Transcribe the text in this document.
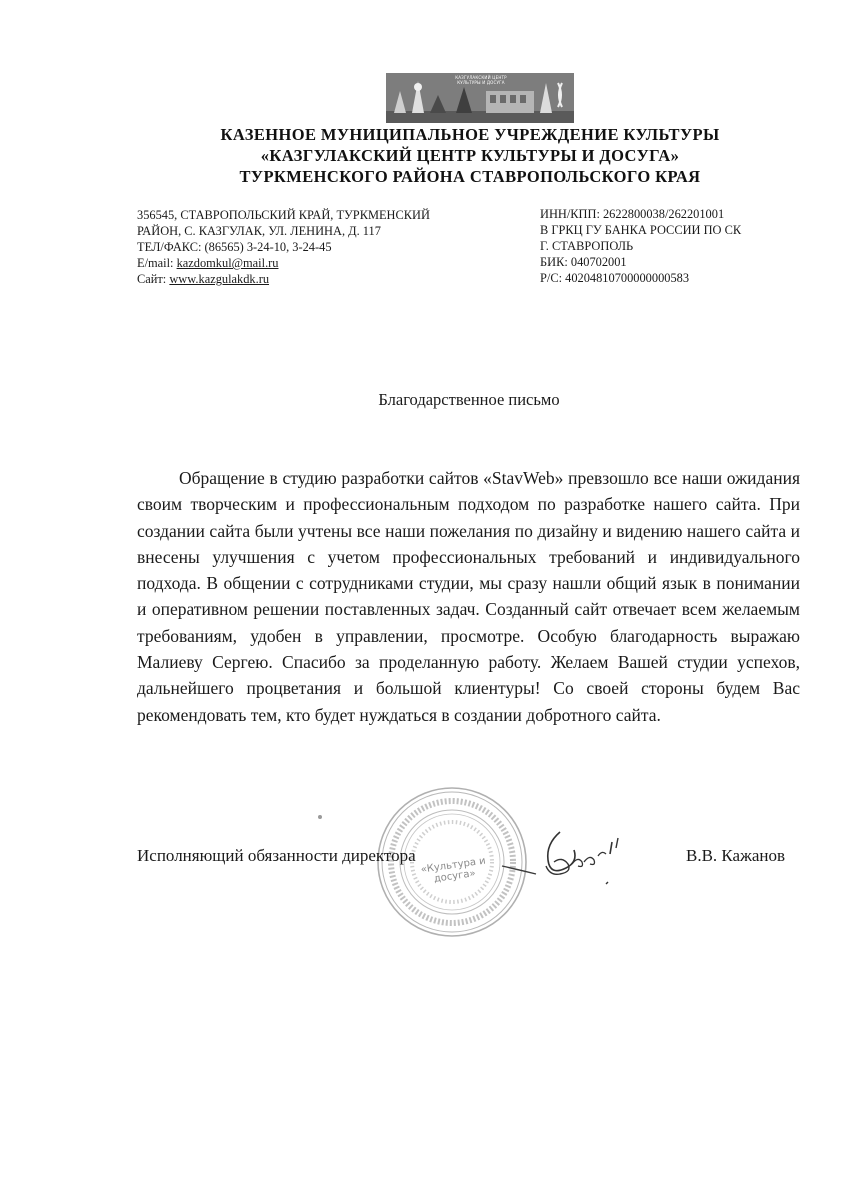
КАЗГУЛАКСКИЙ ЦЕНТР
КУЛЬТУРЫ И ДОСУГА
КАЗЕННОЕ МУНИЦИПАЛЬНОЕ УЧРЕЖДЕНИЕ КУЛЬТУРЫ
«КАЗГУЛАКСКИЙ ЦЕНТР КУЛЬТУРЫ И ДОСУГА»
ТУРКМЕНСКОГО РАЙОНА СТАВРОПОЛЬСКОГО КРАЯ
356545, СТАВРОПОЛЬСКИЙ КРАЙ, ТУРКМЕНСКИЙ
РАЙОН, С. КАЗГУЛАК, УЛ. ЛЕНИНА, Д. 117
ТЕЛ/ФАКС: (86565) 3-24-10, 3-24-45
E/mail: kazdomkul@mail.ru
Сайт: www.kazgulakdk.ru
ИНН/КПП: 2622800038/262201001
В ГРКЦ ГУ БАНКА РОССИИ ПО СК
Г. СТАВРОПОЛЬ
БИК: 040702001
Р/С: 40204810700000000583
Благодарственное письмо
Обращение в студию разработки сайтов «StavWeb» превзошло все наши ожидания своим творческим и профессиональным подходом по разработке нашего сайта. При создании сайта были учтены все наши пожелания по дизайну и видению нашего сайта и внесены улучшения с учетом профессиональных требований и индивидуального подхода. В общении с сотрудниками студии, мы сразу нашли общий язык в понимании и оперативном решении поставленных задач. Созданный сайт отвечает всем желаемым требованиям, удобен в управлении, просмотре. Особую благодарность выражаю Малиеву Сергею. Спасибо за проделанную работу. Желаем Вашей студии успехов, дальнейшего процветания и большой клиентуры! Со своей стороны будем Вас рекомендовать тем, кто будет нуждаться в создании добротного сайта.
«Культура и досуга»
Исполняющий обязанности директора	В.В. Кажанов
